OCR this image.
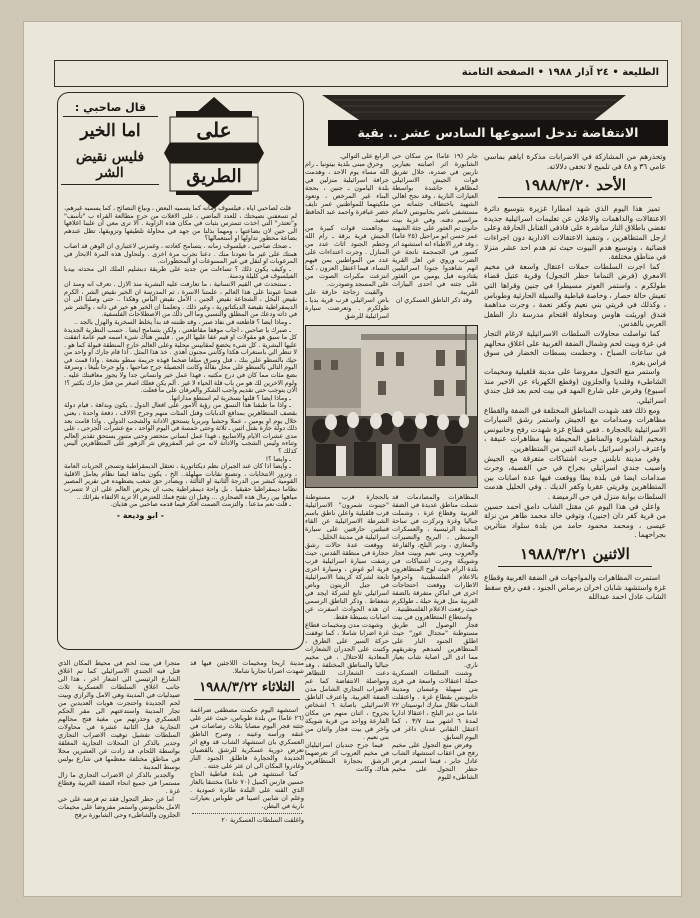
الطليعة • ٢٤ آذار ١٩٨٨ • الصفحة الثامنة
على
الطريق
قال صاحبي :
اما الخير
فليس نقيض الشر

قلت لصاحبي اياه ، فيلسوف زمانه كما يسميه البعض ، وبياع النصائح ، كما يسميه غيرهم، لم تسعفني نصيحتك ، للعدد الماضي ، على الافلات من حرج مطالعة القراء ب "تأسف" و"تعتذر" التي اخذت تتمترس بثبات في مكان هذه الزاوية . الا ترى معي ان علينا اغلاقها الى حين لان بضاعتها ، ومهما بذلنا من جهد في محاولة تلطيفها وتزويقها، تظل عندهم بضاعة محظور تداولها او استعمالها؟

ـ ضحك صاحبي ، فيلسوف زمانه ، بتسامح كعادته ، وغمزني لاعتباري ان الوهن قد اصاب همتك على غير ما تعودنا منك . دعنا نجرب مرة اخرى . ولنحاول هذه المرة الابحار في المرغوبات او لنقل في غير الممنوعات او المحظورات.

ـ وكيف يكون ذلك ؟ تساءلت من جديد على طريقة دبشليم الملك الى محدثه بيدبا الفيلسوف في كليلة ودمنة.

ـ سنتحدث في القيم الانسانية ، ما تعارفت عليه البشرية منذ الازل . تعرف انه ومنذ ان فتحنا عيوننا على هذا العالم ، علمتنا الاسرة ، ثم المدرسة ان الخير نقيض الشر ، الكرم نقيض البخل ، الشجاعة نقيض الجبن ، الامل نقيض اليأس وهكذا .. حتى وصلنا الى ان الديمقراطية نقيضة الديكتاتورية ، وغير ذلك . وتعلمنا ان الخير هو خير في ذاته ، والشر شر في ذاته ودعك من المطلق والنسبي وما الى ذلك من الاصطلاحات الفلسفية.

ـ وماذا ايضا ؟ قاطعته في نفاذ صبر ، وقد ظننته قد بدأ يخلط السخرية والهزل بالجد ..

ـ صبرك يا صاحبي ، اجاب موقفا مقاطعتي ، ولكن بتسامح ايضا . حسب النظرية الجديدة كل ما سبق هو مقولات او قيم عفا عليها الزمن . فليس هناك شيء اسمه قيم عامة اتفقت عليها البشرية . كل شيء يخضع لمقاييس محلية وعلى العالم خارج المنطقة قبولة كما هو . لا تنظر الي باستغراب هكذا وكأنني مجنون أهذي . خذ هذا المثل . اذا قام جارك او واحد من حيك بالسطو على بنك ، قتل وسرق مبلغا ضخما فهذه جريمة سطو بشعة . واذا قمت في اليوم التالي بالسطو على محل بقالة وكانت الحصيلة جرح صاحبها ، ولو جرحا بليغا ، وسرقة بضع مئات مما كان في درج مكتبه ، فهذا عمل خير وانساني جدا ولا يجوز معاقبتك عليه . ولوم الاخرين لك هو من باب قلة الحياء لا غير . ألم يكن فعلك اصغر من فعل جارك بكثير ؟! الان يتوجب حتى تقديم واجب الشكر والعرفان على ما فعلت.

ـ وماذا ايضا ؟ قلتها بسخرية لم استطع مداراتها.

ـ واذا ما طبقنا هذا النسق من رؤية الامور على افعال الدول ، يكون وبداهة ، قيام دولة بقصف المتظاهرين بمدافع الدبابات وقتل المئات منهم وجرح الالاف ، دفعة واحدة ، يعني خلال يوم او يومين ، عملا وحشيا وبربريا يستحق الادانة والشجب الدولي . واذا قامت بعد ذلك دولة جارة بقتل اثنين ـ ثلاثة وحتى خمسة في اليوم الواحد ، مع عشرات الجرحى ، على مدى عشرات الايام والاسابيع ، فهذا عمل انساني متحضر وحتى متنور يستحق تقدير العالم وثناءه وليس الشجب والادانة لانه من غير المفروض نثر الزهور على المتظاهرين أليس كذلك ؟

ـ وايضا ؟!

ـ وايضا اذا كان عند الجيران نظم ديكتاتورية ، تعتقل الديمقراطية وتسجن الحريات العامة ، وتزور الانتخابات ، وتصنع نقابات مهلهلة.. الخ ، يكون بداهة ايضا نظام يعامل الاقلية القومية كبشر من الدرجة الثانية او الثالثة ، ويصادر حق شعب يضطهده في تقرير المصير نظاما ديمقراطيا حقيقيا . بل واحة ديمقراطية يجب ان يحرص العالم على ان لا تتسرب مياهها بين رمال هذه الصحاري ... وقبل ان تفتح فمك للعترض الا تريد الالتقاء بقرائك ..

ـ قلت نعم مذعنا . والتزمت الصمت أفكر فيما قدمه صاحبي من هذيان.

- ابو وديعة -

مدينة اريحا ومخيمات اللاجئين فيها قد شهدت اضرابا تجاريا شاملا.

الثلاثاء ١٩٨٨/٣/٢٢

استشهد اليوم حكمت مصطفى ضراغمة (٢٦ عاما) من بلدة طوباس، حيث عثر على جثته فجر اليوم مصابا بثلاث رصاصات في عنقه ورأسه وعينه ، وصرح الناطق العسكري بان استشهاد الشاب قد وقع اثر تعرض دورية عسكرية للرشق بالقضبان الحديدة والحجارة فاطلق الجنود النار وغادروا المكان الى ان عثر على جثته .

كما استشهد في بلدة قباطية الحاج حسين فارس اكميل (٧٠ عاما) مختنقا بالغاز الذي القته على البلدة طائرة عمودية . وعلم ان شابين اصيبا في طوباس بعيارات نارية في البطن.

واغلقت السلطات العسكرية ٢٠

متجرا في بيت لحم في محيط المكان الذي قتل فيه الجندي الاسرائيلي كما تم اغلاق الشارع الرئيسي الى اشعار اخر ، هذا الى جانب اغلاق السلطات العسكرية ثلاث صيدليات في المدينة وهي الامل والرازي وبيت لحم الجديدة واحتجزت هويات العديدين من تجار المدينة واستدعتهم الى مقر الحكم العسكري وحذرتهم من مغبة فتح محالهم التجارية قبل الثانية عشرة في محاولات السلطات تفشيل توقيت الاضراب التجاري وجدير بالذكر ان المحلات التجارية المغلقة بواسطة اللحام، قد زادت عن العشرين محلا في مناطق مختلفة معظمها في شارع بولس بوسط المدينة .

والجدير بالذكر ان الاضراب التجاري ما زال مستمرا في جميع انحاء الضفة الغربية وقطاع غزة .

اما عن حظر التجول فقد تم فرضه على حي الامل بخانيونس واستمر مفروضا على مخيمات الجلزون والشاطىء وحي الشابورة برفح

الانتفاضة تدخل اسبوعها السادس عشر .. بقية

وتحذرهم من المشاركة في الاضرابات مذكرة اياهم بماسي عامي ٣٦ و ٤٨ في تلميح لا تخفى دلالاته.

الأحد ١٩٨٨/٣/٢٠

تميز هذا اليوم الذي شهد امطارا غزيرة بتوسيع دائرة الاعتقالات والداهمات والاعلان عن تعليمات اسرائيلية جديدة تقضي باطلاق النار مباشرة على قاذفي القنابل الحارقة وعلى ارجل المتظاهرين ، وتنفيذ الاعتقالات الادارية دون اجراءات قضائية ، وتوسيع هدم البيوت حيث تم هدم احد عشر منزلا في مناطق مختلفة.

كما اجرت السلطات حملات اعتقال واسعة في مخيم الامعري (فرض التماما حظر التجول) وقرية عتيل قضاء طولكرم ، واستمر العوتر مسيطرا في جنين وقراها التي تعيش حالة حصار ، وخاصة قباطية والسيلة الحارثية وطوباس ، وكذلك في قريتي بني نعيم وكفر نعمة ، وجرت مداهمة فندق اوريئت هاوس ومحاولة اقتحام مدرسة دار الطفل العربي بالقدس.

كما تواصلت محاولات السلطات الاسرائيلية لارغام التجار في غزة وبيت لحم وشمال الضفة الغربية على اغلاق محالهم في ساعات الصباح ، وحطمت بسطات الخضار في سوق فراس بغزة.

واستمر منع التجول مفروضا على مدينة قلقيلية ومخيمات الشاطىء وقلنديا والجلزون (وقطع الكهرباء عن الاخير منذ اسبوع) وفرض على شارع المهد في بيت لحم بعد قتل جندي اسرائيلي.

ومع ذلك فقد شهدت المناطق المختلفة في الضفة والقطاع مظاهرات وصدامات مع الجيش واستمر رشق السيارات الاسرائيلية بالحجارة . ففي قطاع غزة شهدت رفح وخانيونس ومخيم الشابورة والمناطق المحيطة بها مظاهرات عنيفة ، واعترف راديو اسرائيل باصابة اثنين من المتظاهرين.

وفي مدينة نابلس جرت اشتباكات متفرقة مع الجيش واصيب جندي اسرائيلي بجراح في حي القصبة، وجرت صدامات ايضا في بلدة يطا ووقعت فيها عدة اصابات بين المتظاهرين وقريتي عقربا وكفر الديك . وفي الخليل هدمت السلطات بوابة منزل في حي الرميضة .

واعلن في هذا اليوم عن مقتل الشاب دامق احمد حسين من قرية كفر دان (جنين)، وتوفي خالد محمد طاهر من نزلة عيسى ، ومحمد محمود حامد من بلدة سلواد متأثرين بجراحهما .

الاثنين ١٩٨٨/٣/٢١

استمرت المظاهرات والمواجهات في الضفة الغربية وقطاع غزة واستشهد شابان اخران برصاص الجنود ، ففي رفح سقط الشاب عادل احمد عبدالله

جابر (١٩ عاما) من سكان حي الشابورة اثر اصابته بعيارين ناريين في صدره، خلال تفريق قوات الجيش الاسرائيلي لمظاهرة حاشدة بواسطة العيارات النارية ، وقد نجح اهالي الشهيد باختطاف جثمانه من مستشفى ناصر بخانيونس لاتمام مراسيم دفنه. وفي عزبة بيت حانون تم العثور على جثة الشهيد عمر حسن ابو مراحيل (٢٥ عاما) ، وقد قرر الاطباء انه استشهد اثر كسور في الجمجمة ناتجة عن الضرب وروي عن اهل القرية انهم شاهدوا جنودا اسرائيليين يقتادونه قبل يومين من العثور على جثته في احدى البيارات القريبة.

وقد ذكر الناطق العسكري ان

الرابع على التوالي.

وحرق مبنى بلدية بيتونيا ـ رام الله مساء يوم الاحد ، وهدمت جرافة اسرائيلية منزلين في بلدة اليامون ـ جنين ، بحجة البناء غير المرخص ، وتعود ملكيتهما للمواطنين عمر نايف خضر عبافرة واحمد عبد الحافظ سعيد.

وداهمت قوات كبيرة من الجيش قرية برقة ـ رام الله وحطم الجنود اثاث عدد من المنازل . وجرت اعتداءات على عدد من المواطنين بمن فيهم النساء. فيما اعتقل العزون ، كما انتزعت مكبرات الصوت من على المسجد وصودرت.

والقيت زجاجة حارقة على باص اسرائيلي قرب قرية بديا ـ طولكرم . وتعرضت سيارة اسرائيلية للرشق

المظاهرات والمصادمات قد شملت مناطق عديدة في الضفة الغربية وقطاع غزة ، وشملت جباليا وغزة وتركزت في ساحة المدينة الرئيسية ، والعسكرات الوسطى ، البريج والنصيرات والمغازي ، ودير البلح، والفارعة والعروب وبني نعيم وبيت فجار وشويكة وجرت اشتباكات في بلدة الرام حيث لوح المتظاهرون بالاعلام الفلسطينية واحرقوا الاطارات ووقعت احتجاجات اخرى في اماكن متفرقة بالضفة الغربية مثل قرية حبلة ـ طولكرم حيث رفعت الاعلام الفلسطينية.

واستطاع المتظاهرون في بيت فجار الوصول الى طريق مستوطنة "مجدال عوز" حيث اطلق الجنود النار على المتظاهرين لصدهم وتفريقهم مما ادى الى اصابة شاب بعيار ناري.

وشنت السلطات العسكرية حملة اعتقالات واسعة في قرى بني سهيلة وعبسان ومدينة خانيونس بقطاع غزة . واعتقلت الشاب طلال مبارك ابوسيتان ٢٢ عاما من دير البلح ، اعتقالا اداريا لمدة ٦ اشهر منذ ٣/٧ ، كما اعتقل النقابي عدنان داغر في اليوم السابق.

وفرض منع التجول على مخيم رفح في اعقاب استشهاد الشاب عادل جابر ، فيما استمر فرض حظر التجول على مخيم الشاطىء لليوم

بالحجارة قرب مستوطنة "جينوت شمرون" الاسرائيلية قرب قلقيلية واعلن ناطق باسم الشرطة الاسرائيلية عن القاء قنبلتين حارقتين على سيارة اسرائيلية في مدينة الخليل.

ووقعت عدة حالات رشق حجارة في منطقة القدس، حيث رشقت سيارة اسرائيلية قرب قرية ابو غوش ، وسيارة اخرى تابعة لشركة كريشا الاسرائيلية في جبل الزيتون وباص اسرائيلي تابع لشركة ايجد في شعفاط . وذكر الناطق الرسمي ان هذه الحوادث اسفرت عن اصابات بسيطة فقط.

وشهدت مدن ومخيمات قطاع غزة اضرابا شاملا ، كما توقفت حركة السير على الطرق ، وكتبت على الجدران الشعارات المعادية للاحتلال ، في مخيم جباليا والمناطق المختلفة ، وقد دعت الشعارات للتظاهر ومواصلة الانتفاضة كما عم الاضراب التجاري الشامل مدن الضفة الغربية. واعترف الناطق الاسرائيلي باصابة ٦ اشخاص بجروح ، اثنان منهم من مكان الفارعة وواحد من قرية شويكة واخر في بيت فجار واثنان من بني نعيم .

فيما جرح جنديان اسرائيليان في مخيم العروب اثر تعرضهما الرشق بحجارة المتظاهرين هناك. وكانت
